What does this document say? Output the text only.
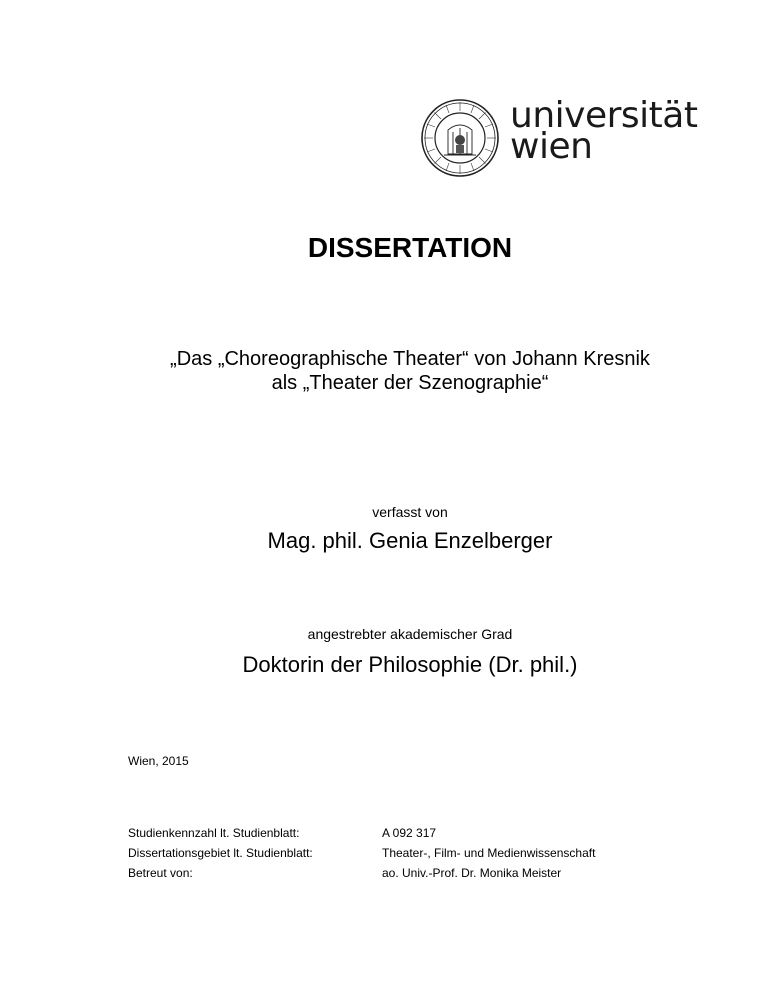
universität
wien
DISSERTATION
„Das „Choreographische Theater“ von Johann Kresnik
als „Theater der Szenographie“
verfasst von
Mag. phil. Genia Enzelberger
angestrebter akademischer Grad
Doktorin der Philosophie (Dr. phil.)
Wien, 2015
Studienkennzahl lt. Studienblatt:	A 092 317
Dissertationsgebiet lt. Studienblatt:	Theater-, Film- und Medienwissenschaft
Betreut von:	ao. Univ.-Prof. Dr. Monika Meister
